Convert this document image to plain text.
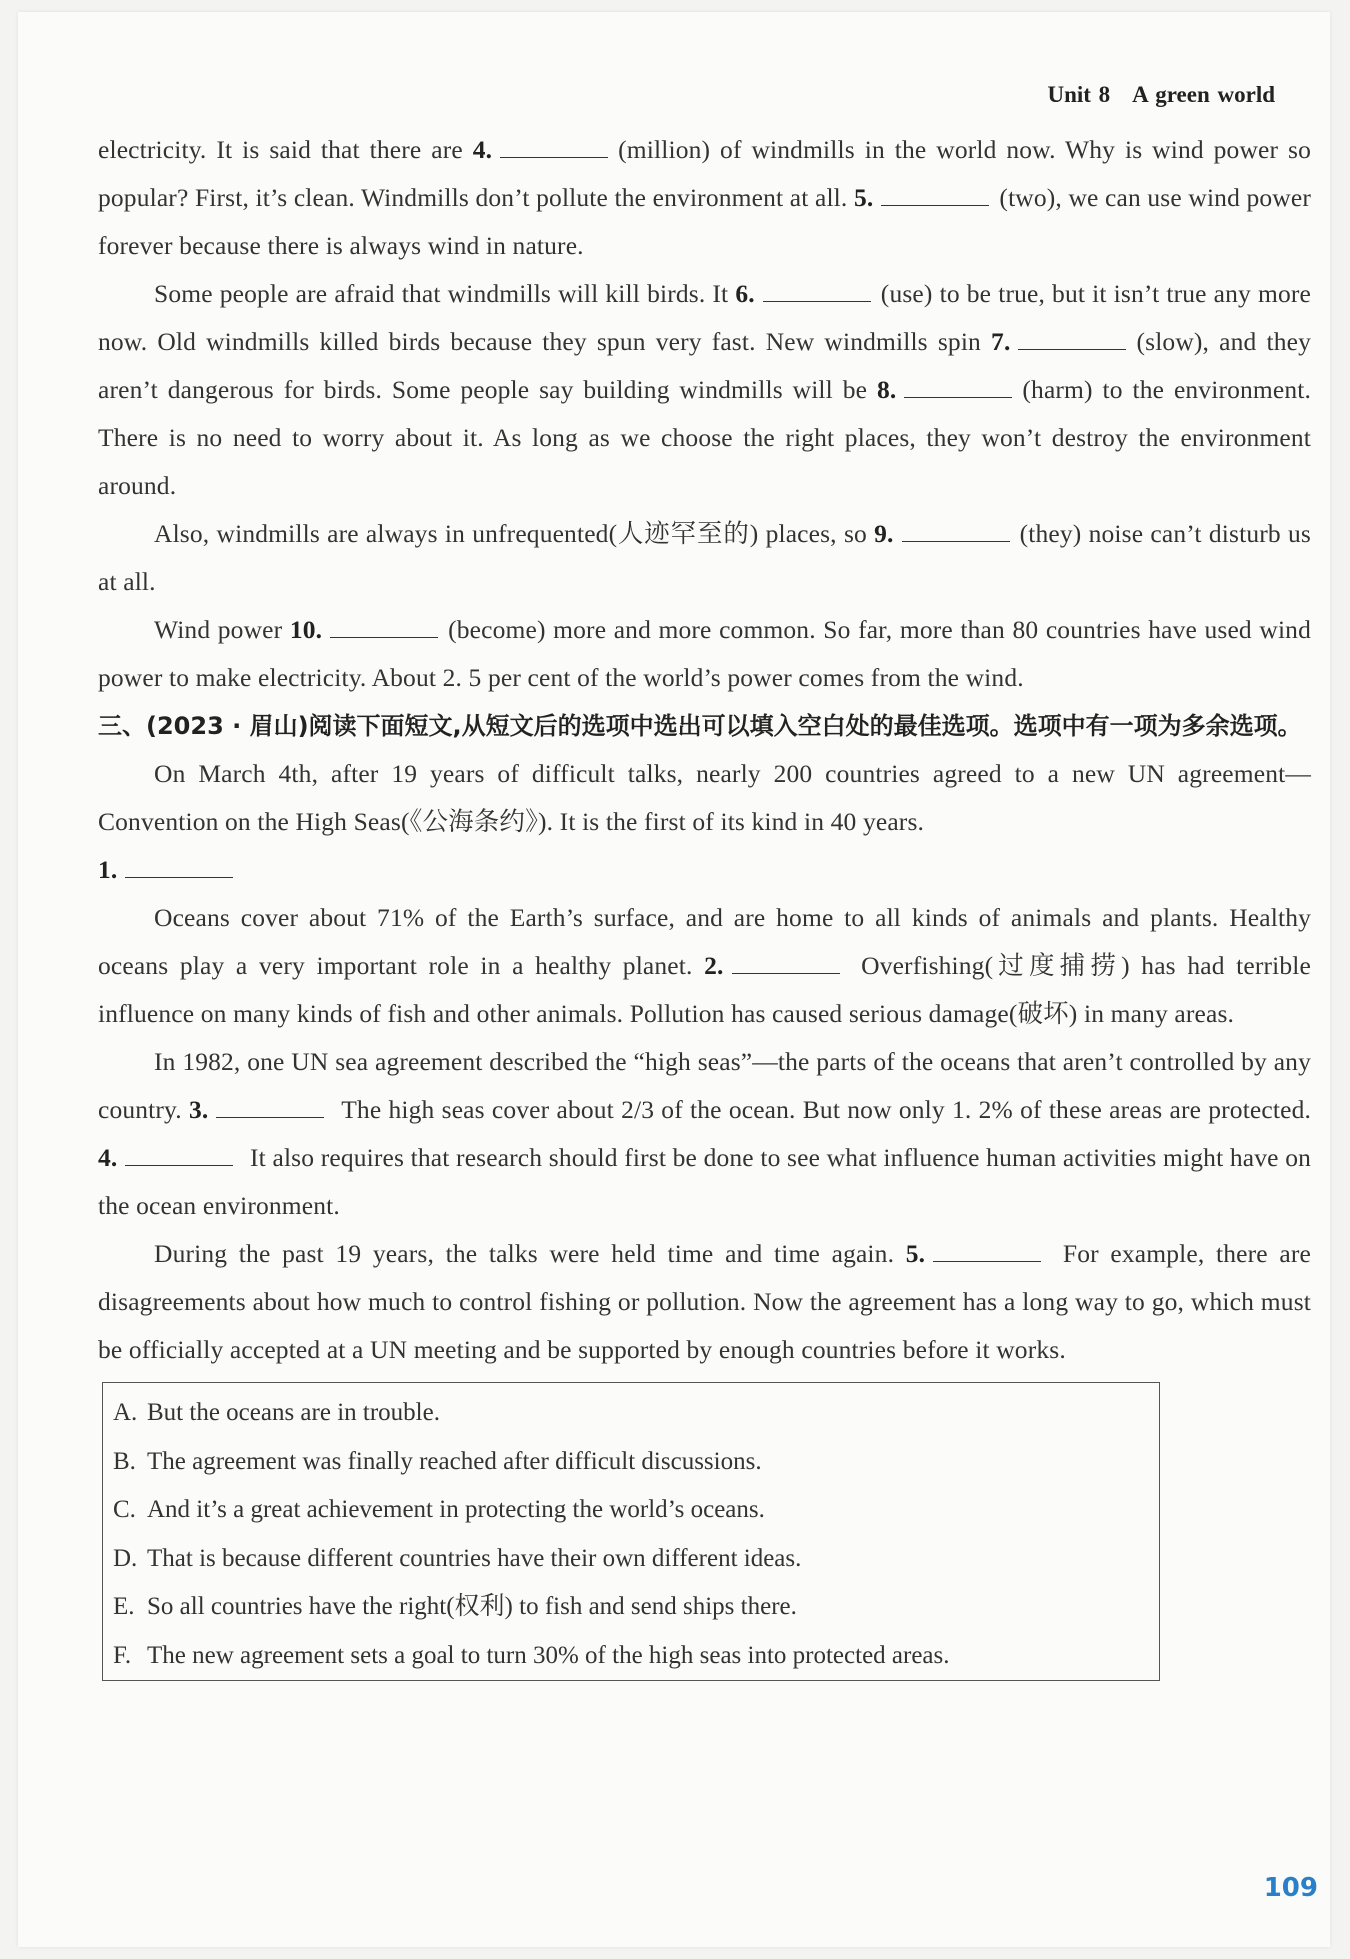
Unit 8 A green world

electricity. It is said that there are 4.	(million) of windmills in the world now. Why is wind power so popular? First, it’s clean. Windmills don’t pollute the environment at all. 5.	(two), we can use wind power forever because there is always wind in nature.

Some people are afraid that windmills will kill birds. It 6.	(use) to be true, but it isn’t true any more now. Old windmills killed birds because they spun very fast. New windmills spin 7.	(slow), and they aren’t dangerous for birds. Some people say building windmills will be 8.	(harm) to the environment. There is no need to worry about it. As long as we choose the right places, they won’t destroy the environment around.

Also, windmills are always in unfrequented(人迹罕至的) places, so 9.	(they) noise can’t disturb us at all.

Wind power 10.	(become) more and more common. So far, more than 80 countries have used wind power to make electricity. About 2. 5 per cent of the world’s power comes from the wind.

三、(2023 · 眉山)阅读下面短文,从短文后的选项中选出可以填入空白处的最佳选项。选项中有一项为多余选项。

On March 4th, after 19 years of difficult talks, nearly 200 countries agreed to a new UN agreement—Convention on the High Seas(《公海条约》). It is the first of its kind in 40 years.
1.

Oceans cover about 71% of the Earth’s surface, and are home to all kinds of animals and plants. Healthy oceans play a very important role in a healthy planet. 2.	Overfishing(过度捕捞) has had terrible influence on many kinds of fish and other animals. Pollution has caused serious damage(破坏) in many areas.

In 1982, one UN sea agreement described the “high seas”—the parts of the oceans that aren’t controlled by any country. 3.	The high seas cover about 2/3 of the ocean. But now only 1. 2% of these areas are protected. 4.	It also requires that research should first be done to see what influence human activities might have on the ocean environment.

During the past 19 years, the talks were held time and time again. 5.	For example, there are disagreements about how much to control fishing or pollution. Now the agreement has a long way to go, which must be officially accepted at a UN meeting and be supported by enough countries before it works.

A. But the oceans are in trouble.
B. The agreement was finally reached after difficult discussions.
C. And it’s a great achievement in protecting the world’s oceans.
D. That is because different countries have their own different ideas.
E. So all countries have the right(权利) to fish and send ships there.
F. The new agreement sets a goal to turn 30% of the high seas into protected areas.
109
